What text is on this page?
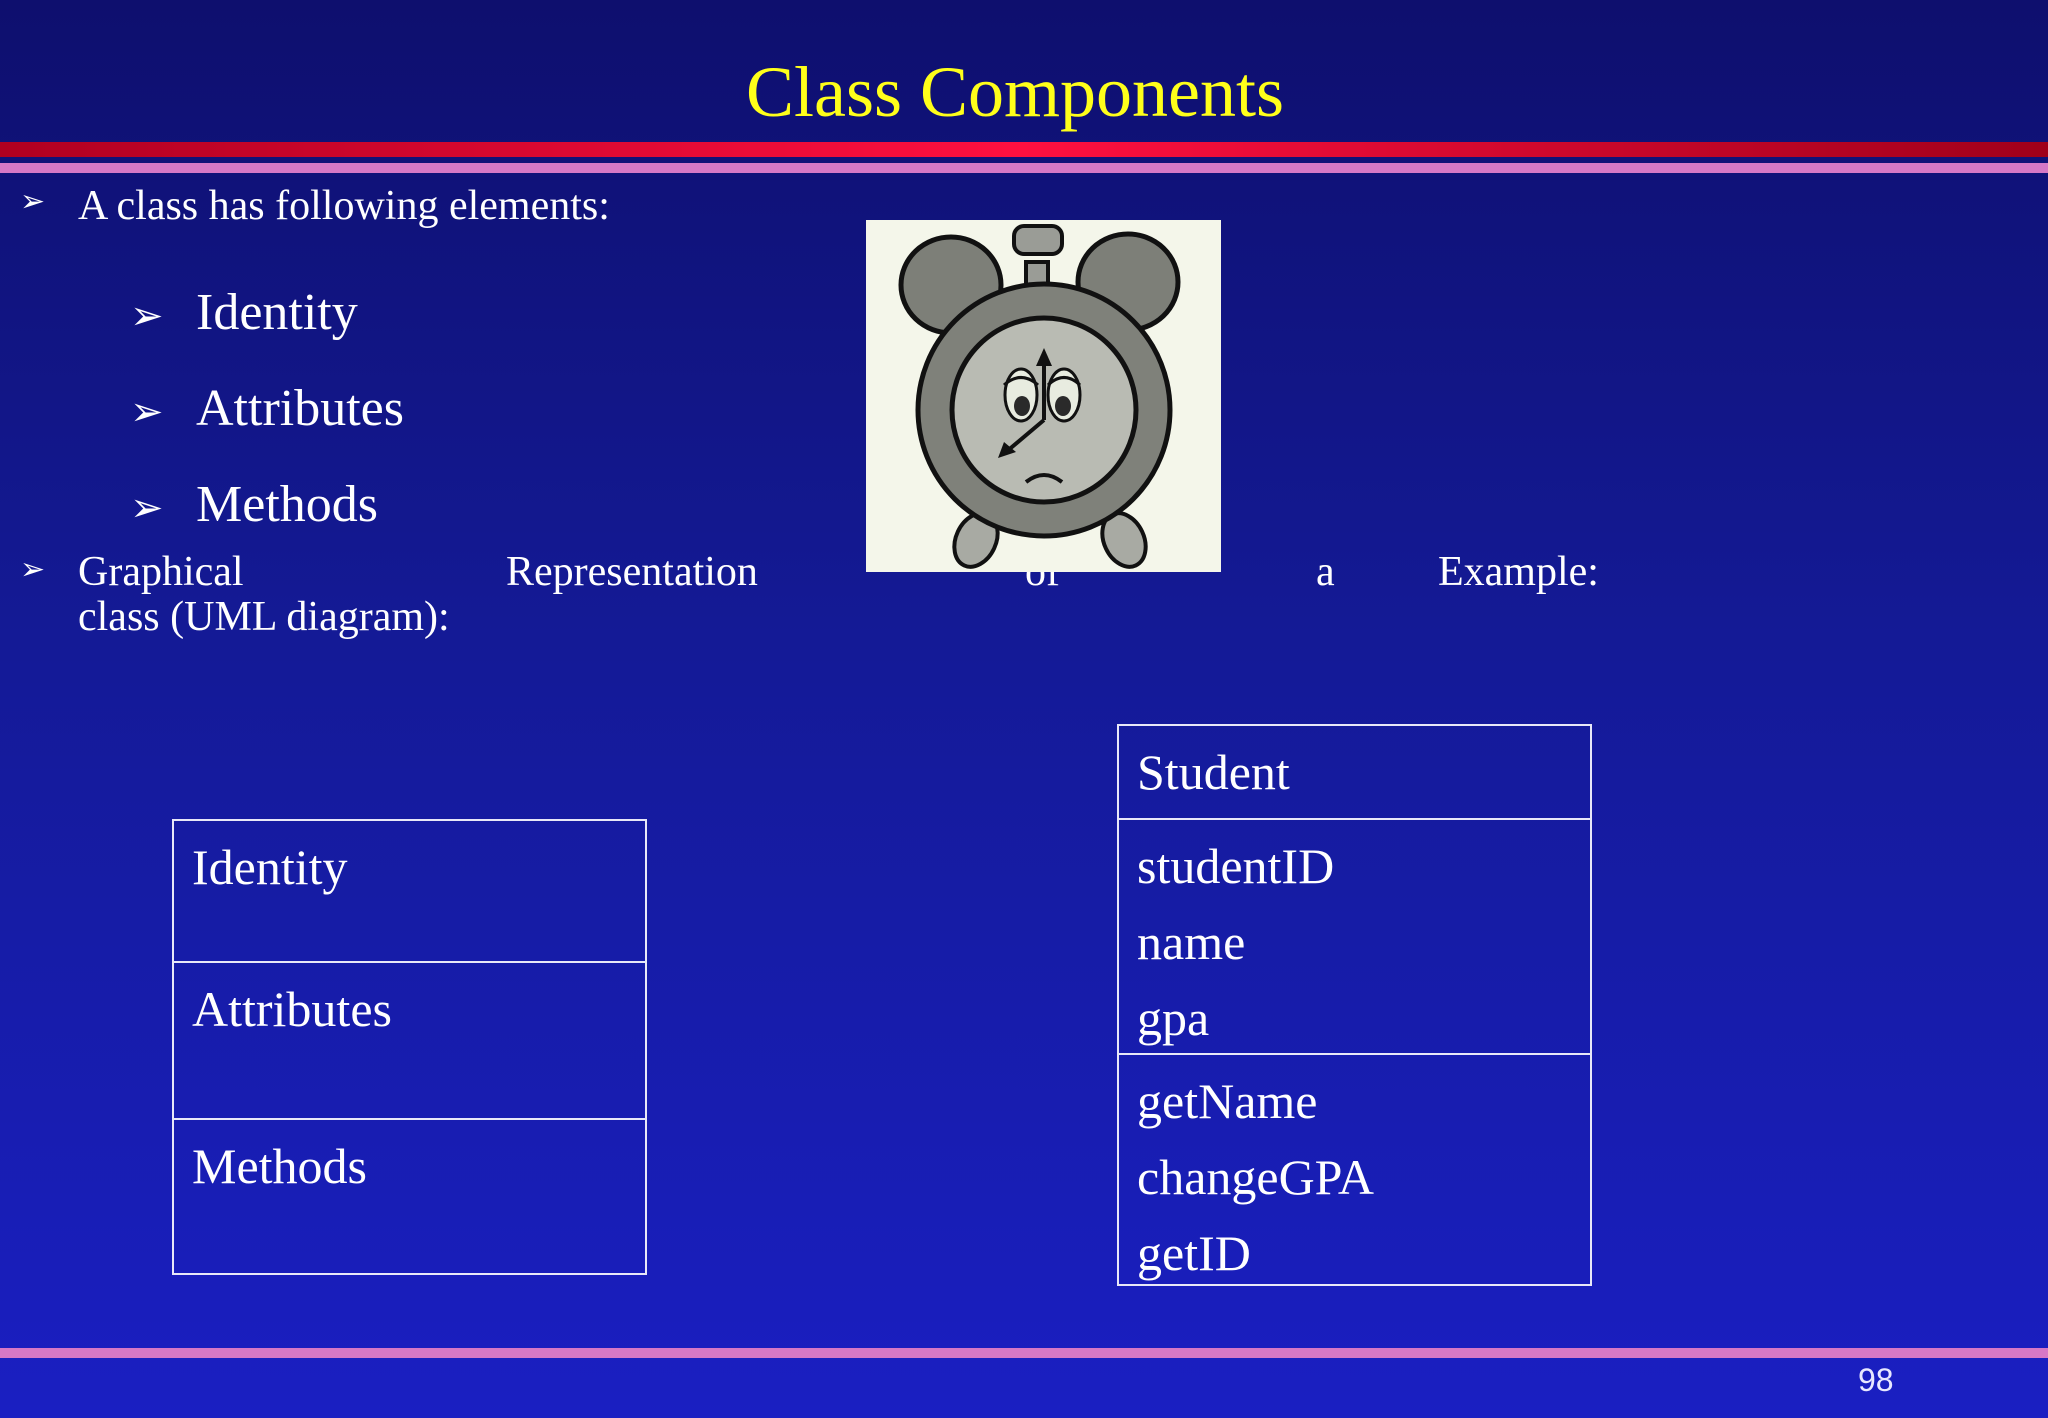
Class Components
➢ A class has following elements:
➢ Identity
➢ Attributes
➢ Methods
➢ Graphical	Representation	a Example:
class (UML diagram):
Identity
Attributes
Methods
Student
studentID
name
gpa
getName
changeGPA
getID
98
